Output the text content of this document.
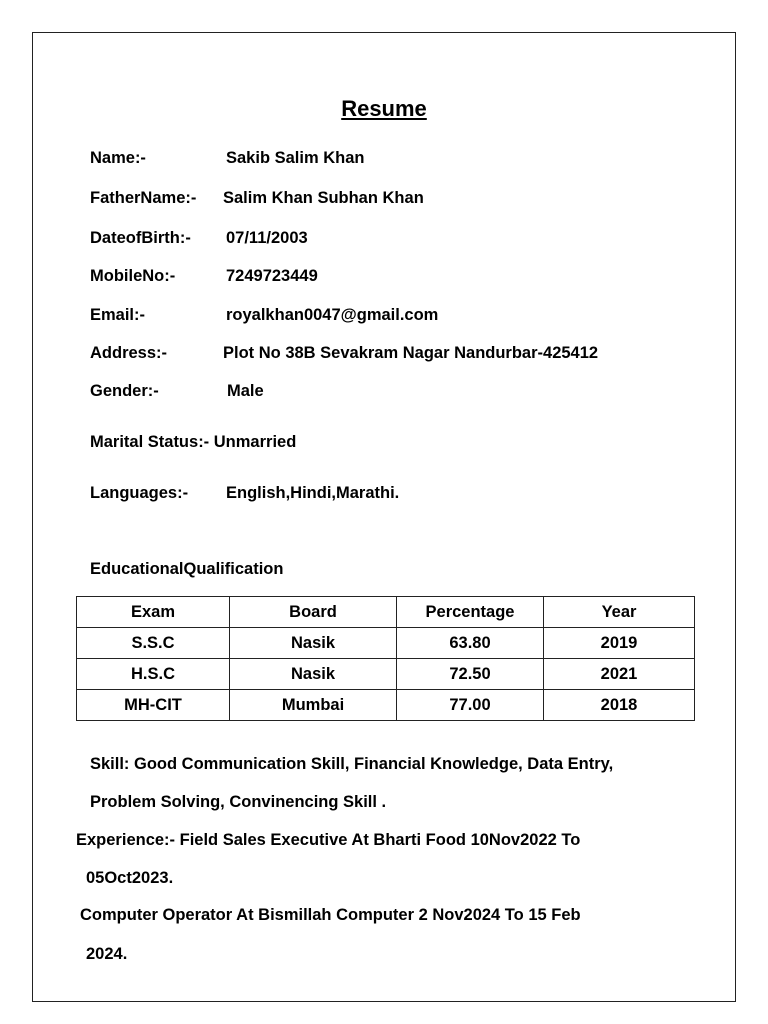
Resume
Name:-	Sakib Salim Khan
FatherName:- Salim Khan Subhan Khan
DateofBirth:- 07/11/2003
MobileNo:-	7249723449
Email:-	royalkhan0047@gmail.com
Address:-	Plot No 38B Sevakram Nagar Nandurbar-425412
Gender:-	Male
Marital Status:- Unmarried
Languages:- English,Hindi,Marathi.
EducationalQualification
Exam	Board	Percentage	Year
S.S.C	Nasik	63.80	2019
H.S.C	Nasik	72.50	2021
MH-CIT	Mumbai	77.00	2018
Skill: Good Communication Skill, Financial Knowledge, Data Entry,
Problem Solving, Convinencing Skill .
Experience:- Field Sales Executive At Bharti Food 10Nov2022 To
05Oct2023.
Computer Operator At Bismillah Computer 2 Nov2024 To 15 Feb
2024.
